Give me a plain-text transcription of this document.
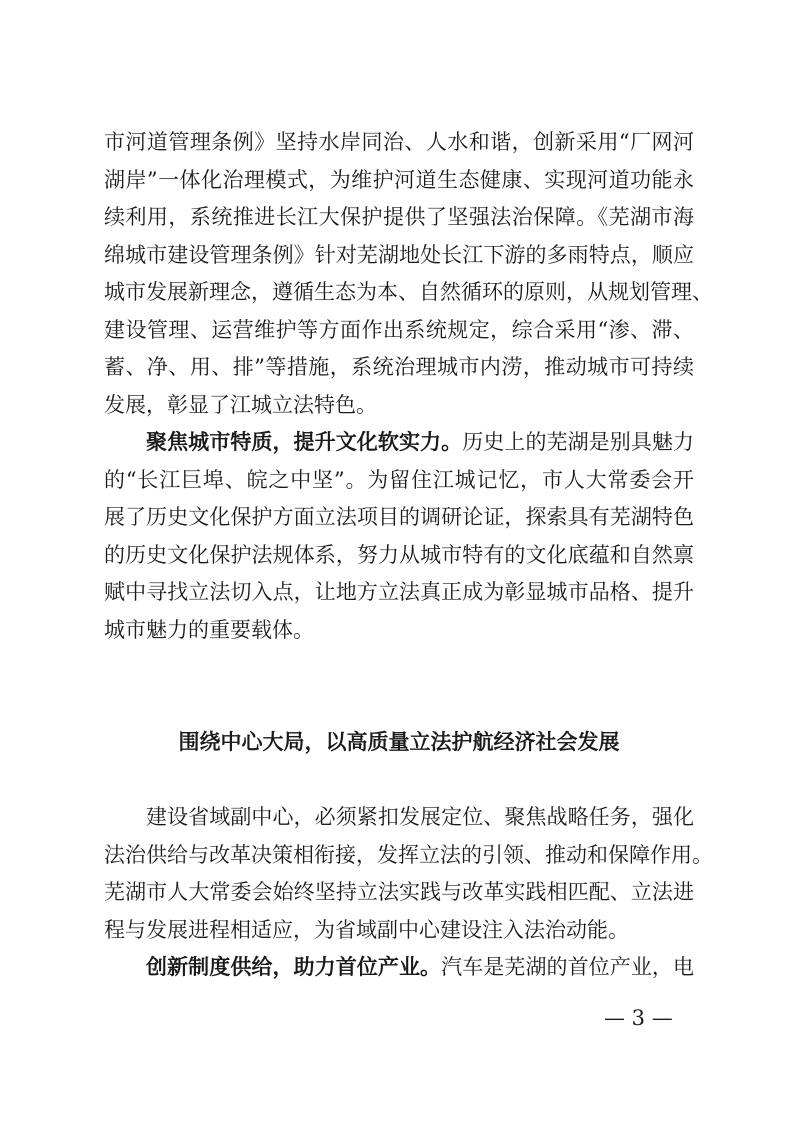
市河道管理条例》坚持水岸同治、人水和谐，创新采用“厂网河
湖岸”一体化治理模式，为维护河道生态健康、实现河道功能永
续利用，系统推进长江大保护提供了坚强法治保障。《芜湖市海
绵城市建设管理条例》针对芜湖地处长江下游的多雨特点，顺应
城市发展新理念，遵循生态为本、自然循环的原则，从规划管理、
建设管理、运营维护等方面作出系统规定，综合采用“渗、滞、
蓄、净、用、排”等措施，系统治理城市内涝，推动城市可持续
发展，彰显了江城立法特色。
聚焦城市特质，提升文化软实力。历史上的芜湖是别具魅力
的“长江巨埠、皖之中坚”。为留住江城记忆，市人大常委会开
展了历史文化保护方面立法项目的调研论证，探索具有芜湖特色
的历史文化保护法规体系，努力从城市特有的文化底蕴和自然禀
赋中寻找立法切入点，让地方立法真正成为彰显城市品格、提升
城市魅力的重要载体。
围绕中心大局，以高质量立法护航经济社会发展
建设省域副中心，必须紧扣发展定位、聚焦战略任务，强化
法治供给与改革决策相衔接，发挥立法的引领、推动和保障作用。
芜湖市人大常委会始终坚持立法实践与改革实践相匹配、立法进
程与发展进程相适应，为省域副中心建设注入法治动能。
创新制度供给，助力首位产业。汽车是芜湖的首位产业，电
— 3 —
